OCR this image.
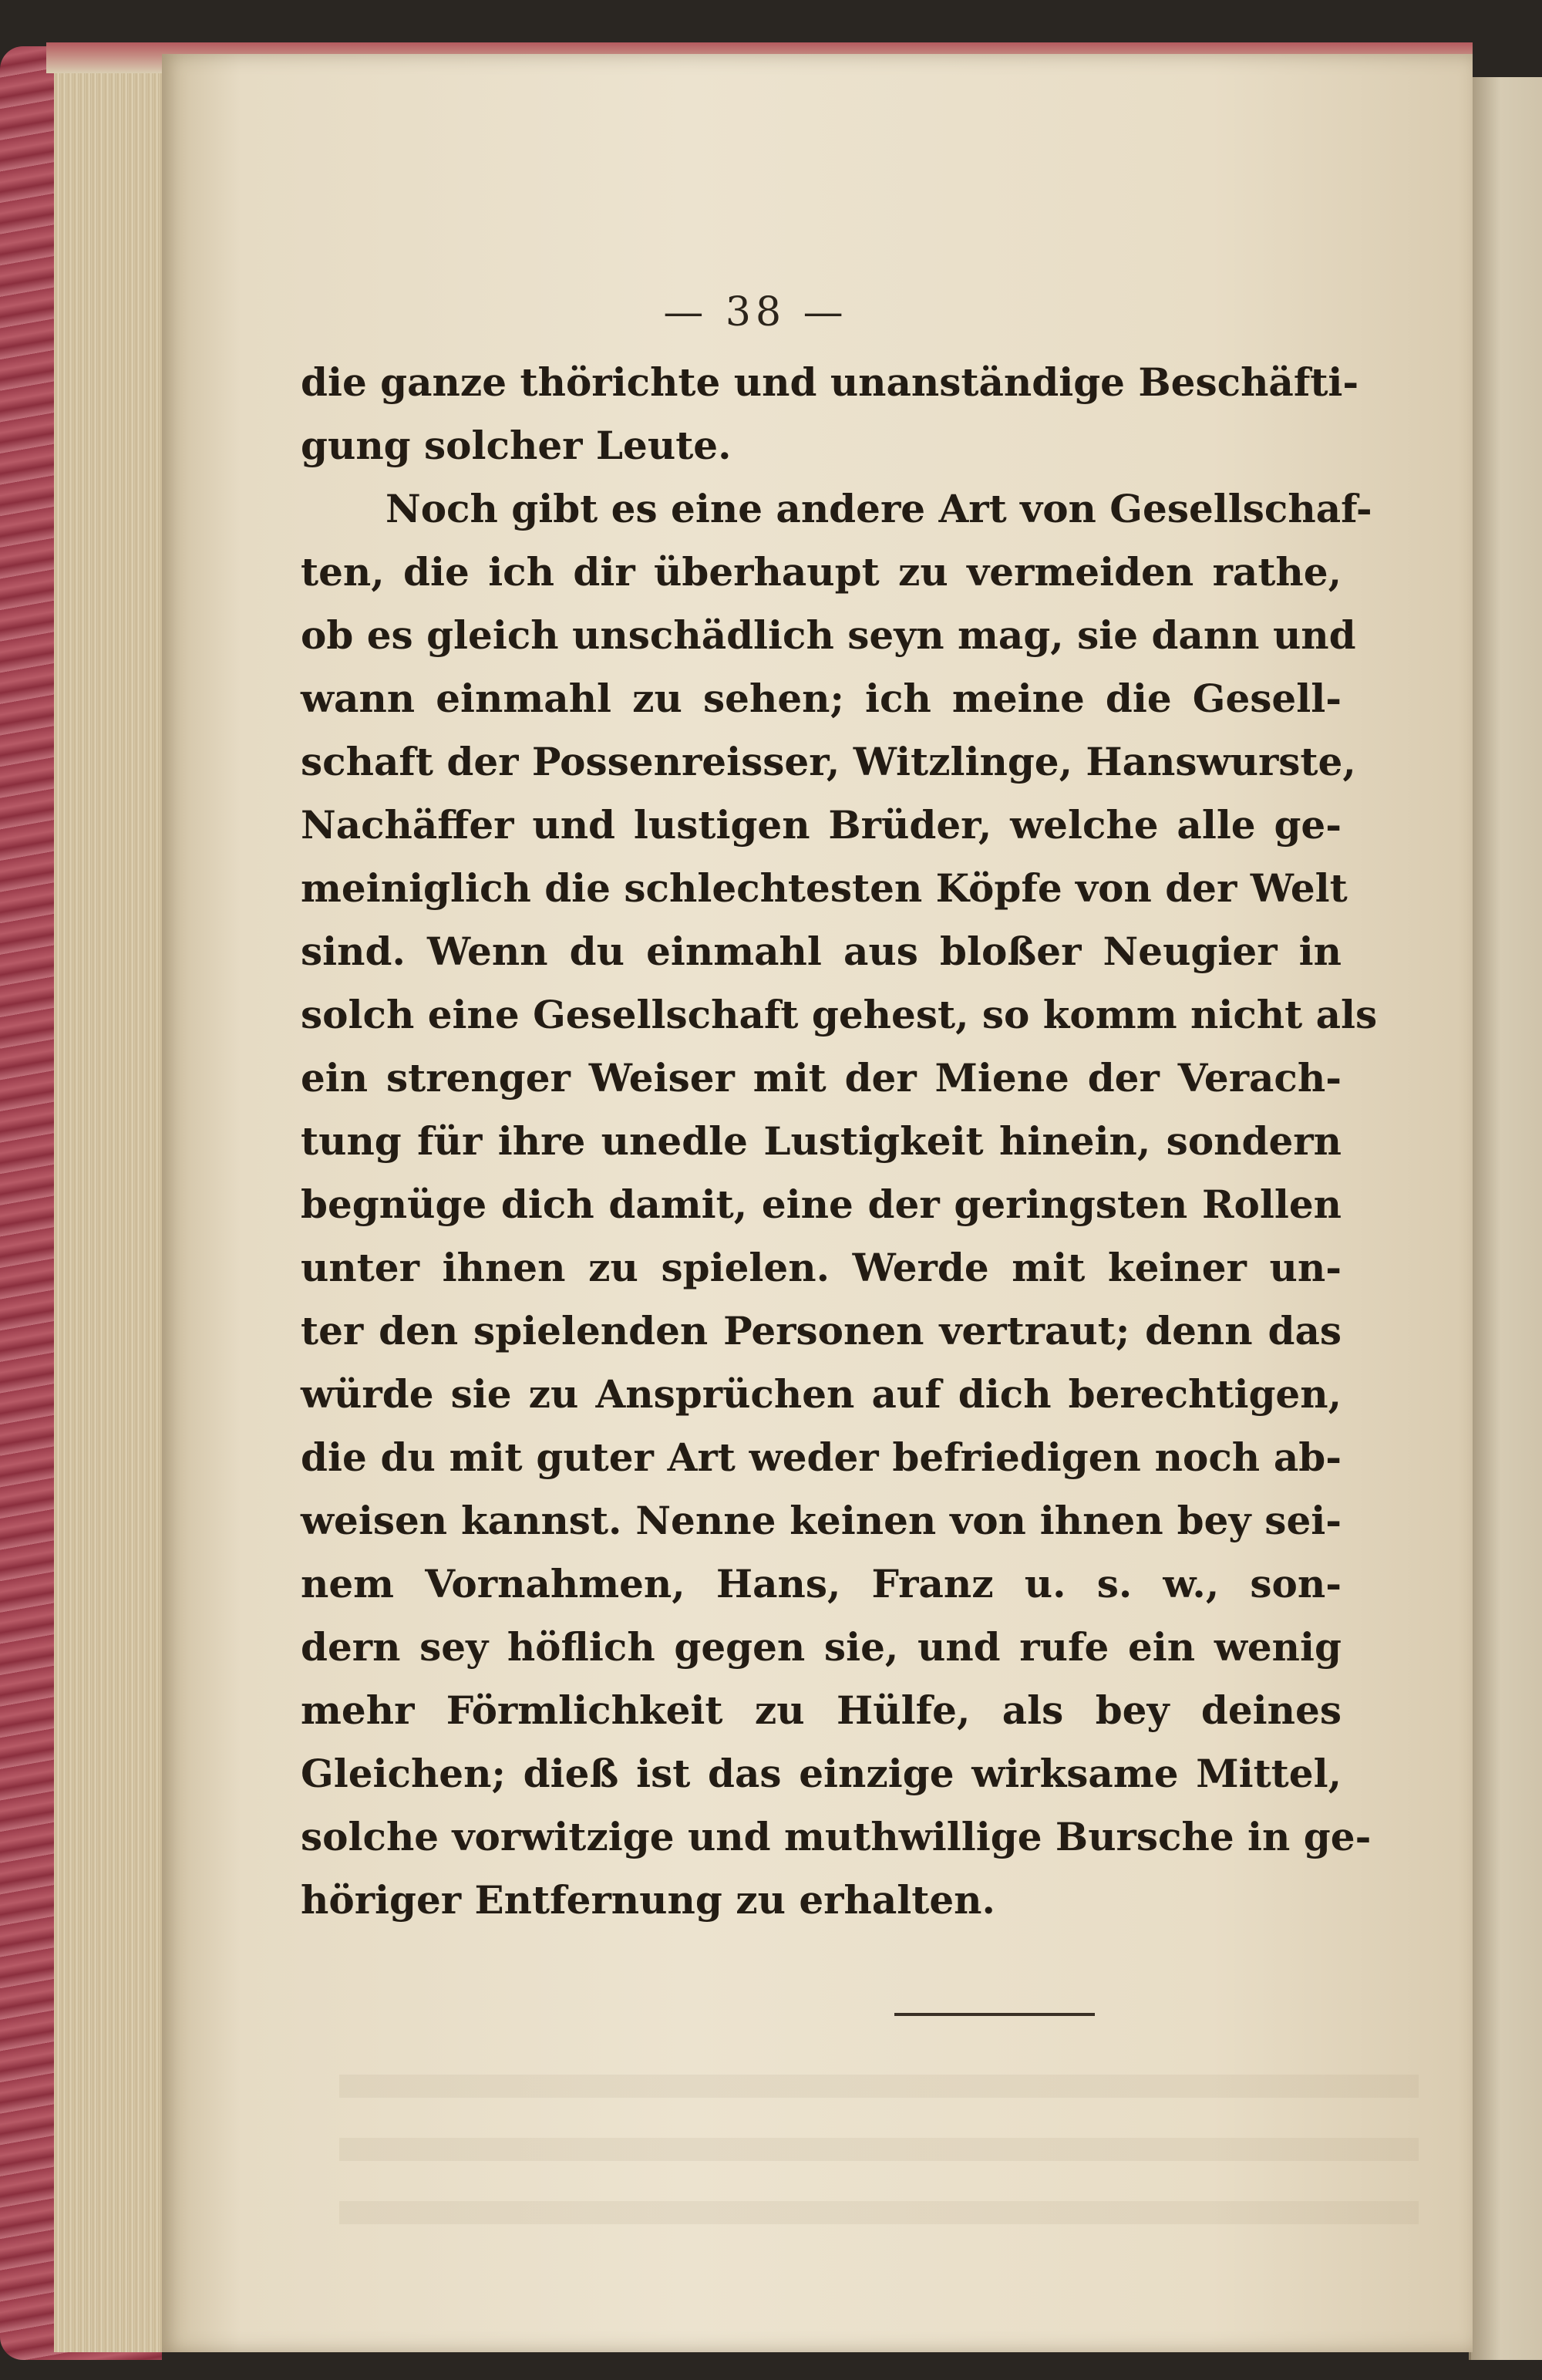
— 38 —
die ganze thörichte und unanständige Beschäfti-
gung solcher Leute.
Noch gibt es eine andere Art von Gesellschaf-
ten, die ich dir überhaupt zu vermeiden rathe,
ob es gleich unschädlich seyn mag, sie dann und
wann einmahl zu sehen; ich meine die Gesell-
schaft der Possenreisser, Witzlinge, Hanswurste,
Nachäffer und lustigen Brüder, welche alle ge-
meiniglich die schlechtesten Köpfe von der Welt
sind. Wenn du einmahl aus bloßer Neugier in
solch eine Gesellschaft gehest, so komm nicht als
ein strenger Weiser mit der Miene der Verach-
tung für ihre unedle Lustigkeit hinein, sondern
begnüge dich damit, eine der geringsten Rollen
unter ihnen zu spielen. Werde mit keiner un-
ter den spielenden Personen vertraut; denn das
würde sie zu Ansprüchen auf dich berechtigen,
die du mit guter Art weder befriedigen noch ab-
weisen kannst. Nenne keinen von ihnen bey sei-
nem Vornahmen, Hans, Franz u. s. w., son-
dern sey höflich gegen sie, und rufe ein wenig
mehr Förmlichkeit zu Hülfe, als bey deines
Gleichen; dieß ist das einzige wirksame Mittel,
solche vorwitzige und muthwillige Bursche in ge-
höriger Entfernung zu erhalten.
